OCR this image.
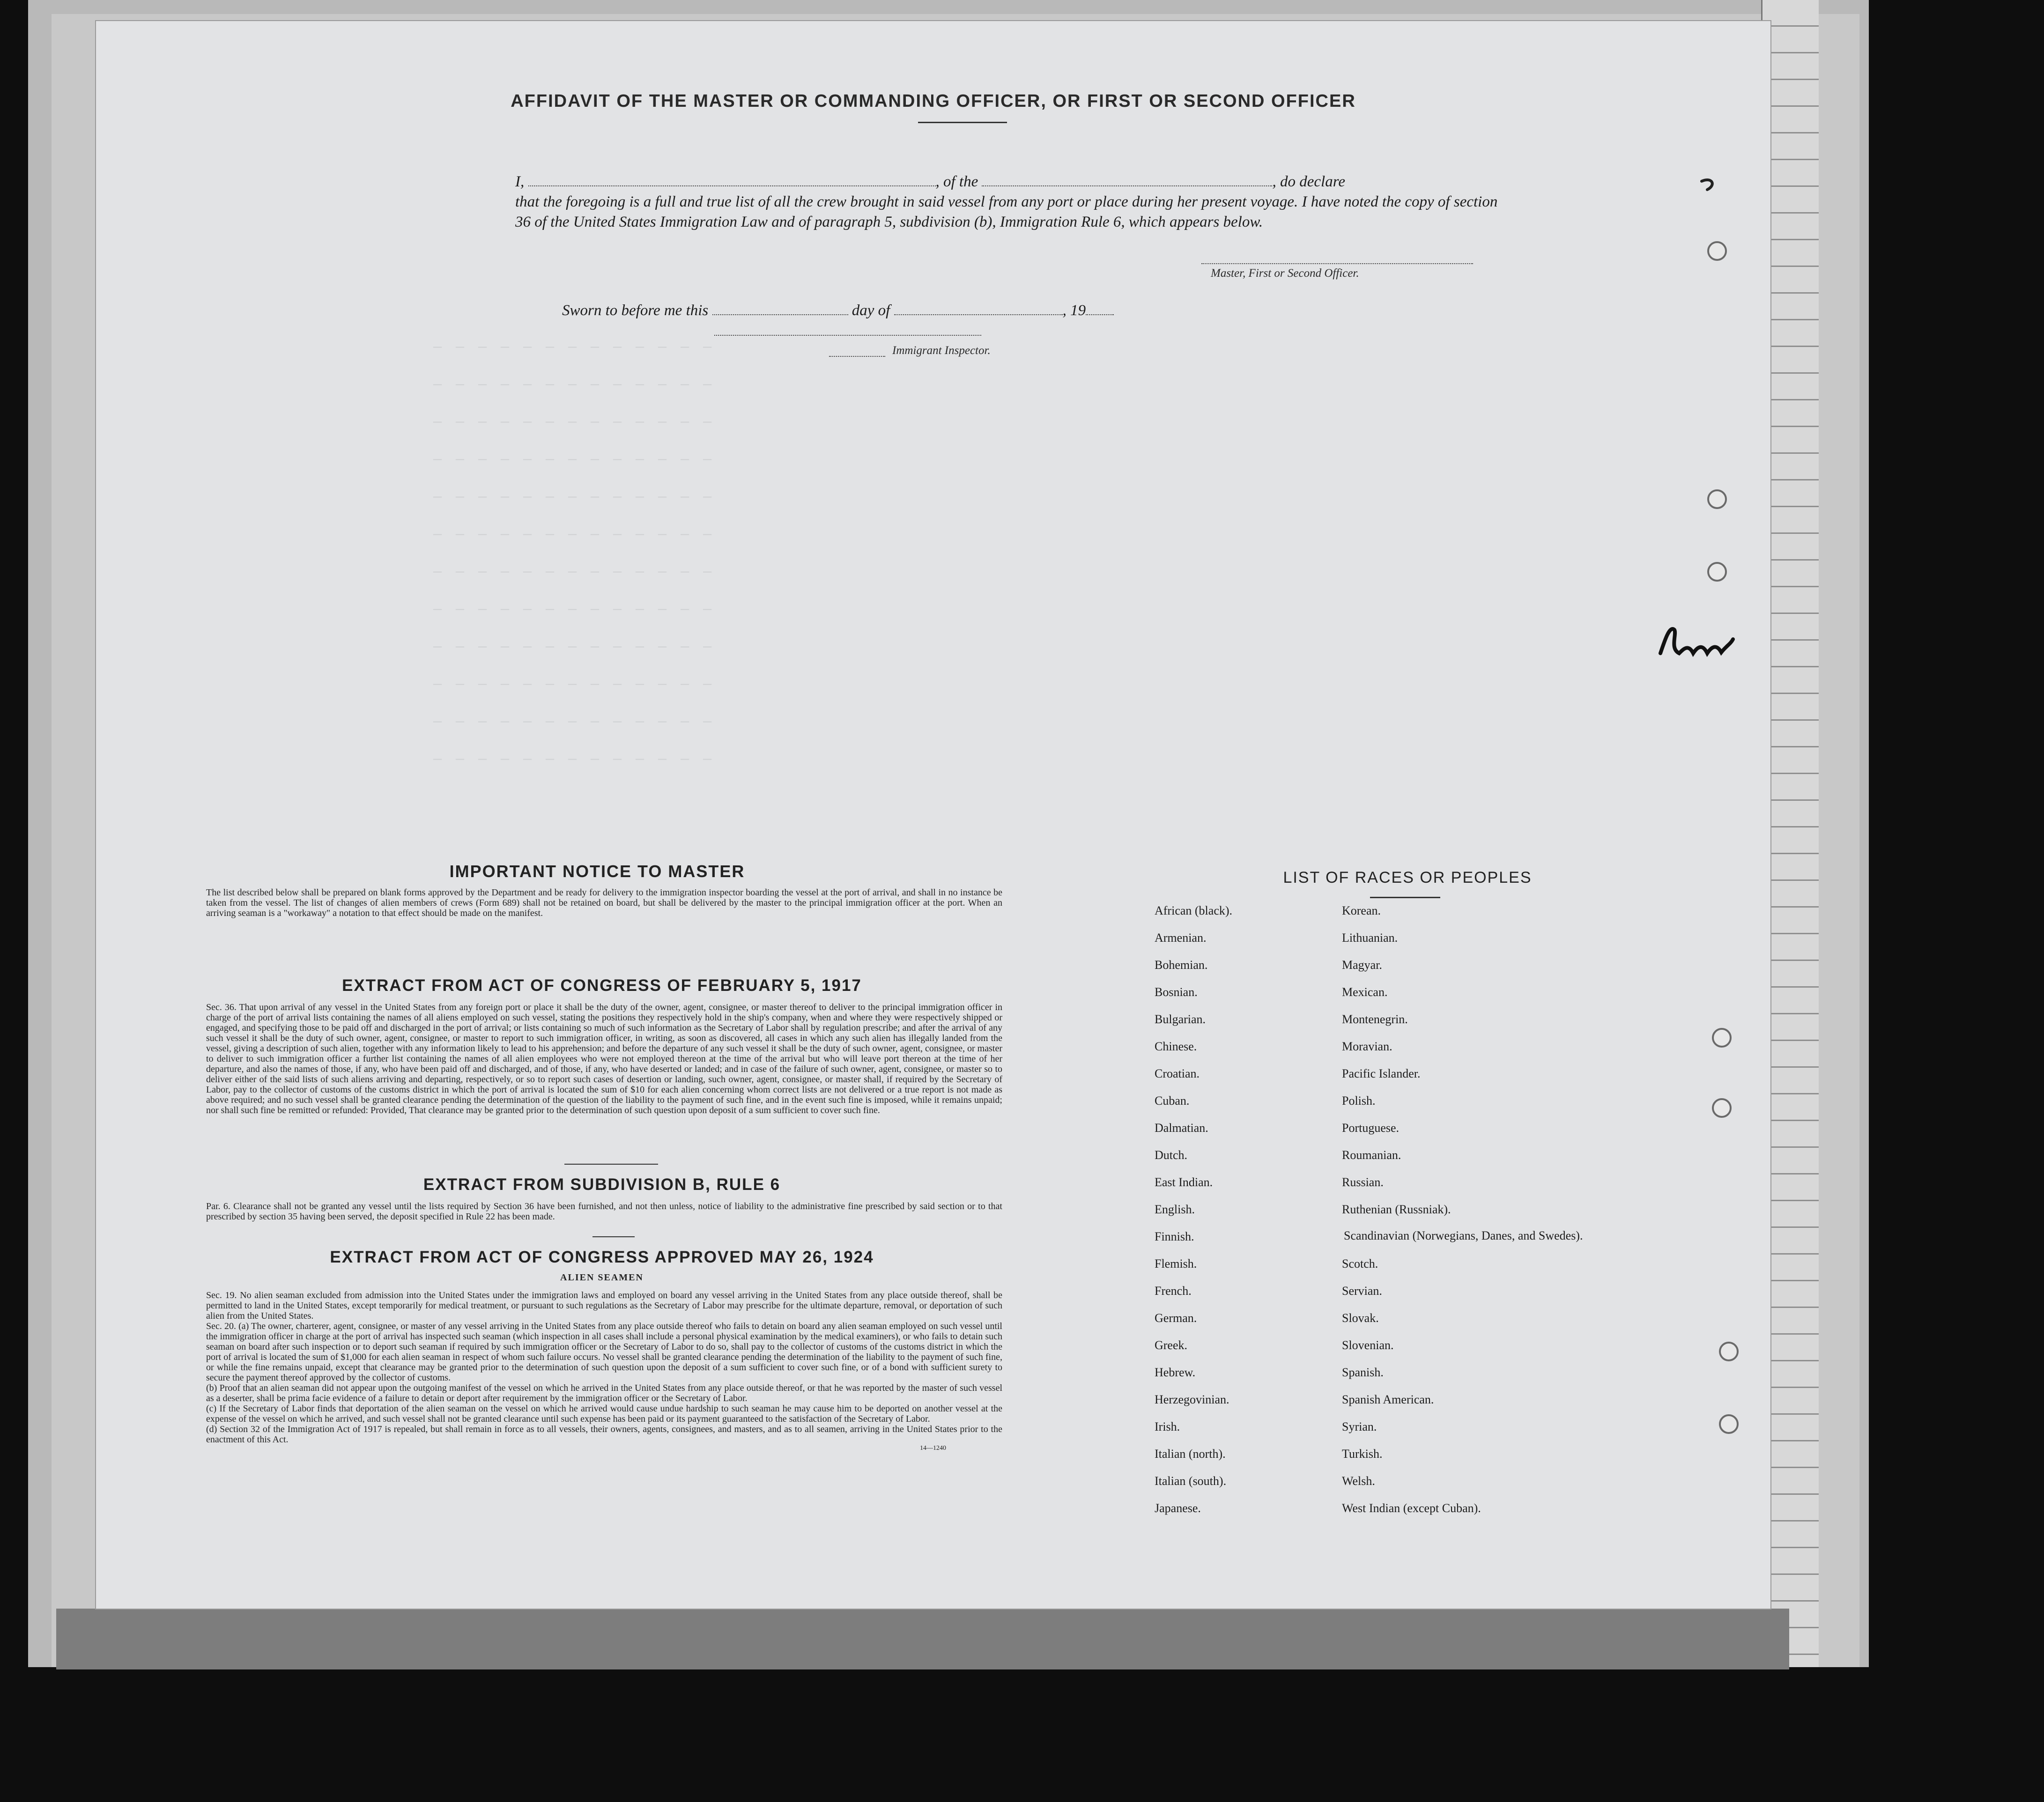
— — — — — — — — — — — — —
— — — — — — — — — — — — —
— — — — — — — — — — — — —
— — — — — — — — — — — — —
— — — — — — — — — — — — —
— — — — — — — — — — — — —
— — — — — — — — — — — — —
— — — — — — — — — — — — —
— — — — — — — — — — — — —
— — — — — — — — — — — — —
— — — — — — — — — — — — —
— — — — — — — — — — — — —
AFFIDAVIT OF THE MASTER OR COMMANDING OFFICER, OR FIRST OR SECOND OFFICER
I,	, of the	, do declare
that the foregoing is a full and true list of all the crew brought in said vessel from any port or place during her present voyage. I have noted the copy of section 36 of the United States Immigration Law and of paragraph 5, subdivision (b), Immigration Rule 6, which appears below.
Master, First or Second Officer.
Sworn to before me this	day of	, 19
Immigrant Inspector.
IMPORTANT NOTICE TO MASTER
The list described below shall be prepared on blank forms approved by the Department and be ready for delivery to the immigration inspector boarding the vessel at the port of arrival, and shall in no instance be taken from the vessel. The list of changes of alien members of crews (Form 689) shall not be retained on board, but shall be delivered by the master to the principal immigration officer at the port. When an arriving seaman is a "workaway" a notation to that effect should be made on the manifest.
EXTRACT FROM ACT OF CONGRESS OF FEBRUARY 5, 1917
Sec. 36. That upon arrival of any vessel in the United States from any foreign port or place it shall be the duty of the owner, agent, consignee, or master thereof to deliver to the principal immigration officer in charge of the port of arrival lists containing the names of all aliens employed on such vessel, stating the positions they respectively hold in the ship's company, when and where they were respectively shipped or engaged, and specifying those to be paid off and discharged in the port of arrival; or lists containing so much of such information as the Secretary of Labor shall by regulation prescribe; and after the arrival of any such vessel it shall be the duty of such owner, agent, consignee, or master to report to such immigration officer, in writing, as soon as discovered, all cases in which any such alien has illegally landed from the vessel, giving a description of such alien, together with any information likely to lead to his apprehension; and before the departure of any such vessel it shall be the duty of such owner, agent, consignee, or master to deliver to such immigration officer a further list containing the names of all alien employees who were not employed thereon at the time of the arrival but who will leave port thereon at the time of her departure, and also the names of those, if any, who have been paid off and discharged, and of those, if any, who have deserted or landed; and in case of the failure of such owner, agent, consignee, or master so to deliver either of the said lists of such aliens arriving and departing, respectively, or so to report such cases of desertion or landing, such owner, agent, consignee, or master shall, if required by the Secretary of Labor, pay to the collector of customs of the customs district in which the port of arrival is located the sum of $10 for each alien concerning whom correct lists are not delivered or a true report is not made as above required; and no such vessel shall be granted clearance pending the determination of the question of the liability to the payment of such fine, and in the event such fine is imposed, while it remains unpaid; nor shall such fine be remitted or refunded: Provided, That clearance may be granted prior to the determination of such question upon deposit of a sum sufficient to cover such fine.
EXTRACT FROM SUBDIVISION B, RULE 6
Par. 6. Clearance shall not be granted any vessel until the lists required by Section 36 have been furnished, and not then unless, notice of liability to the administrative fine prescribed by said section or to that prescribed by section 35 having been served, the deposit specified in Rule 22 has been made.
EXTRACT FROM ACT OF CONGRESS APPROVED MAY 26, 1924
ALIEN SEAMEN
Sec. 19. No alien seaman excluded from admission into the United States under the immigration laws and employed on board any vessel arriving in the United States from any place outside thereof, shall be permitted to land in the United States, except temporarily for medical treatment, or pursuant to such regulations as the Secretary of Labor may prescribe for the ultimate departure, removal, or deportation of such alien from the United States.
Sec. 20. (a) The owner, charterer, agent, consignee, or master of any vessel arriving in the United States from any place outside thereof who fails to detain on board any alien seaman employed on such vessel until the immigration officer in charge at the port of arrival has inspected such seaman (which inspection in all cases shall include a personal physical examination by the medical examiners), or who fails to detain such seaman on board after such inspection or to deport such seaman if required by such immigration officer or the Secretary of Labor to do so, shall pay to the collector of customs of the customs district in which the port of arrival is located the sum of $1,000 for each alien seaman in respect of whom such failure occurs. No vessel shall be granted clearance pending the determination of the liability to the payment of such fine, or while the fine remains unpaid, except that clearance may be granted prior to the determination of such question upon the deposit of a sum sufficient to cover such fine, or of a bond with sufficient surety to secure the payment thereof approved by the collector of customs.
(b) Proof that an alien seaman did not appear upon the outgoing manifest of the vessel on which he arrived in the United States from any place outside thereof, or that he was reported by the master of such vessel as a deserter, shall be prima facie evidence of a failure to detain or deport after requirement by the immigration officer or the Secretary of Labor.
(c) If the Secretary of Labor finds that deportation of the alien seaman on the vessel on which he arrived would cause undue hardship to such seaman he may cause him to be deported on another vessel at the expense of the vessel on which he arrived, and such vessel shall not be granted clearance until such expense has been paid or its payment guaranteed to the satisfaction of the Secretary of Labor.
(d) Section 32 of the Immigration Act of 1917 is repealed, but shall remain in force as to all vessels, their owners, agents, consignees, and masters, and as to all seamen, arriving in the United States prior to the enactment of this Act.
14—1240
LIST OF RACES OR PEOPLES
African (black).	Korean.
Armenian.	Lithuanian.
Bohemian.	Magyar.
Bosnian.	Mexican.
Bulgarian.	Montenegrin.
Chinese.	Moravian.
Croatian.	Pacific Islander.
Cuban.	Polish.
Dalmatian.	Portuguese.
Dutch.	Roumanian.
East Indian.	Russian.
English.	Ruthenian (Russniak).
Finnish.	Scandinavian (Norwegians, Danes, and Swedes).
Flemish.	Scotch.
French.	Servian.
German.	Slovak.
Greek.	Slovenian.
Hebrew.	Spanish.
Herzegovinian.	Spanish American.
Irish.	Syrian.
Italian (north).	Turkish.
Italian (south).	Welsh.
Japanese.	West Indian (except Cuban).
